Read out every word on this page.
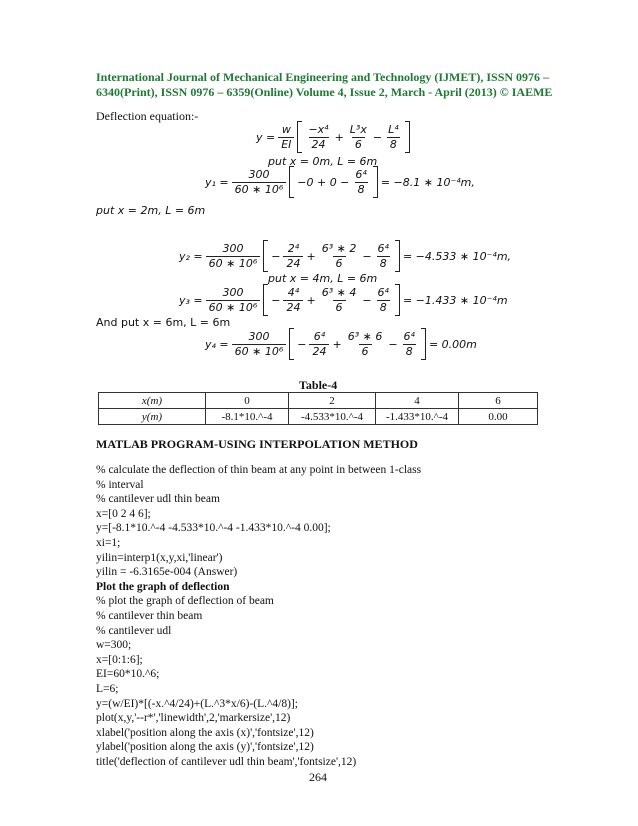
International Journal of Mechanical Engineering and Technology (IJMET), ISSN 0976 –
6340(Print), ISSN 0976 – 6359(Online) Volume 4, Issue 2, March - April (2013) © IAEME
Deflection equation:-
$y = \frac{w}{EI} \frac{\text{−x⁴}}{24} + \frac{\text{L³x}}{6} - \frac{\text{L⁴}}{8}$
put x = 0m, L = 6m
$y_1 = \frac{300}{\text{60 ∗ 10⁶}} -0 + 0 - \frac{\text{6⁴}}{8} = -8.1$ ∗ 10⁻⁴m,
put x = 2m, L = 6m
$y_2 = \frac{300}{\text{60 ∗ 10⁶}} - \frac{\text{2⁴}}{24} + \frac{\text{6³ ∗ 2}}{6} - \frac{\text{6⁴}}{8} = -4.533$ ∗ 10⁻⁴m,
put x = 4m, L = 6m
$y_3 = \frac{300}{\text{60 ∗ 10⁶}} - \frac{\text{4⁴}}{24} + \frac{\text{6³ ∗ 4}}{6} - \frac{\text{6⁴}}{8} = -1.433$ ∗ 10⁻⁴m
And put x = 6m, L = 6m
$y_4 = \frac{300}{\text{60 ∗ 10⁶}} - \frac{\text{6⁴}}{24} + \frac{\text{6³ ∗ 6}}{6} - \frac{\text{6⁴}}{8} = 0.00m$
Table-4
x(m)	0	2	4	6
y(m)	-8.1*10.^-4	-4.533*10.^-4	-1.433*10.^-4	0.00
MATLAB PROGRAM-USING INTERPOLATION METHOD
% calculate the deflection of thin beam at any point in between 1-class
% interval
% cantilever udl thin beam
x=[0 2 4 6];
y=[-8.1*10.^-4 -4.533*10.^-4 -1.433*10.^-4 0.00];
xi=1;
yilin=interp1(x,y,xi,'linear')
yilin = -6.3165e-004 (Answer)
Plot the graph of deflection
% plot the graph of deflection of beam
% cantilever thin beam
% cantilever udl
w=300;
x=[0:1:6];
EI=60*10.^6;
L=6;
y=(w/EI)*[(-x.^4/24)+(L.^3*x/6)-(L.^4/8)];
plot(x,y,'--r*','linewidth',2,'markersize',12)
xlabel('position along the axis (x)','fontsize',12)
ylabel('position along the axis (y)','fontsize',12)
title('deflection of cantilever udl thin beam','fontsize',12)
264
